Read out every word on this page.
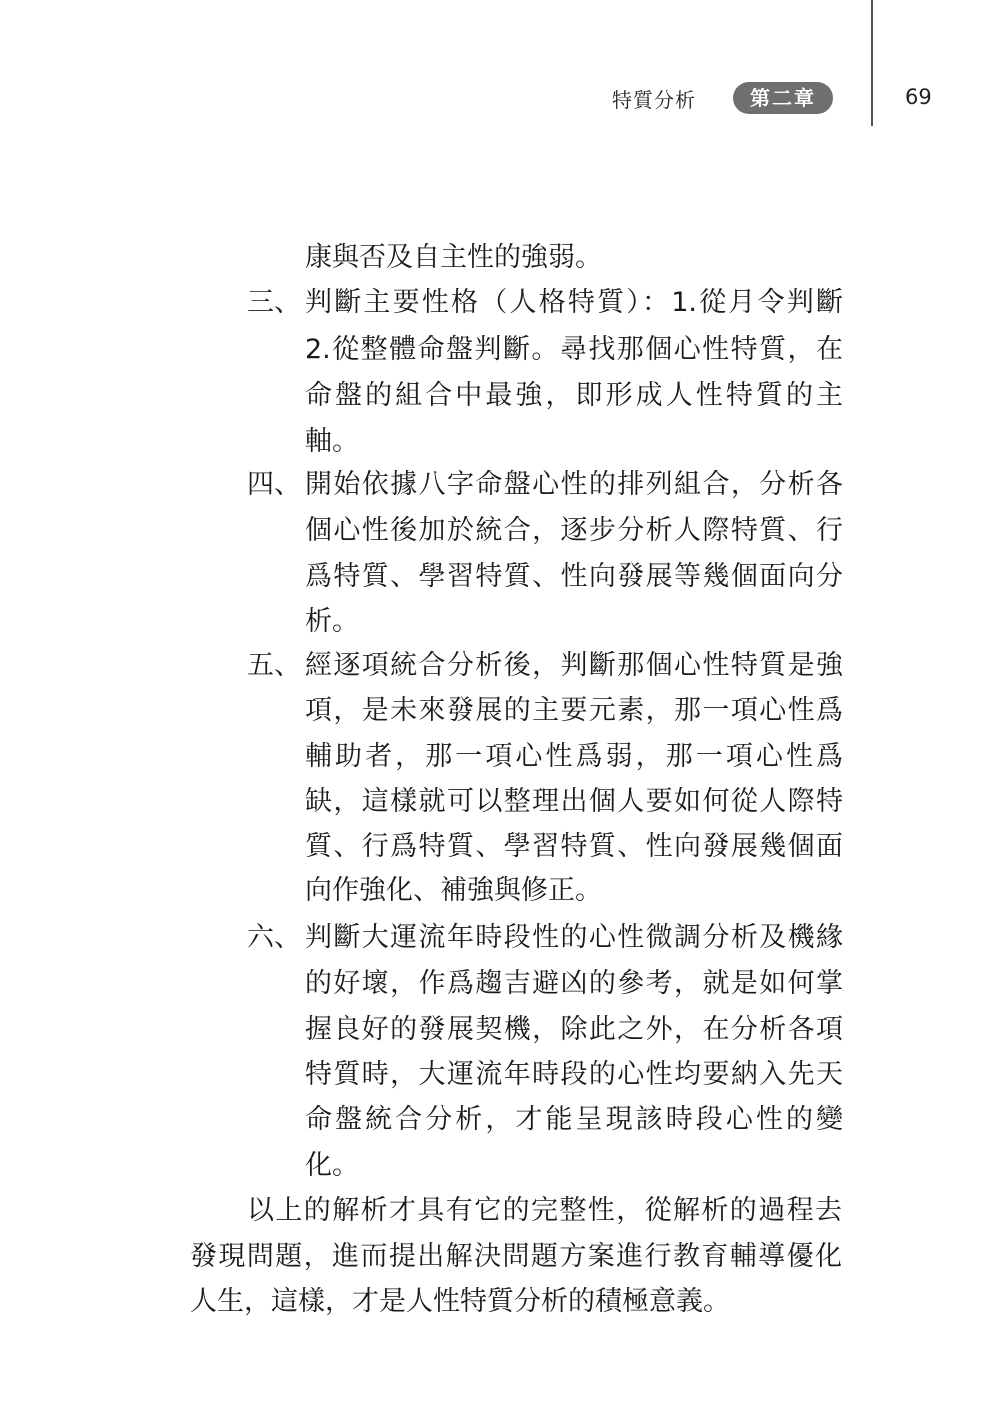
特質分析	第二章	69
康與否及自主性的強弱。
三、 判斷主要性格（人格特質）：1.從月令判斷
2.從整體命盤判斷。尋找那個心性特質，在
命盤的組合中最強，即形成人性特質的主
軸。
四、 開始依據八字命盤心性的排列組合，分析各
個心性後加於統合，逐步分析人際特質、行
爲特質、學習特質、性向發展等幾個面向分
析。
五、 經逐項統合分析後，判斷那個心性特質是強
項，是未來發展的主要元素，那一項心性爲
輔助者，那一項心性爲弱，那一項心性爲
缺，這樣就可以整理出個人要如何從人際特
質、行爲特質、學習特質、性向發展幾個面
向作強化、補強與修正。
六、 判斷大運流年時段性的心性微調分析及機緣
的好壞，作爲趨吉避凶的參考，就是如何掌
握良好的發展契機，除此之外，在分析各項
特質時，大運流年時段的心性均要納入先天
命盤統合分析，才能呈現該時段心性的變
化。
以上的解析才具有它的完整性，從解析的過程去
發現問題，進而提出解決問題方案進行教育輔導優化
人生，這樣，才是人性特質分析的積極意義。
